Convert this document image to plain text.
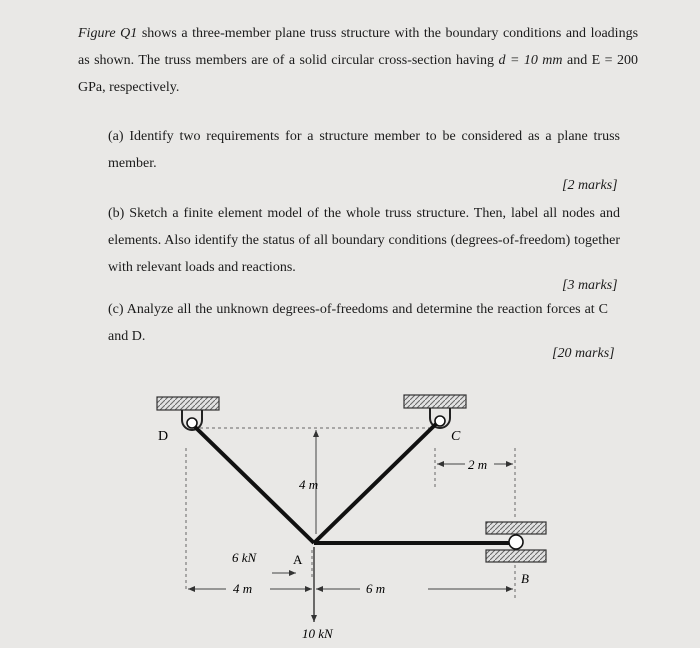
Figure Q1 shows a three-member plane truss structure with the boundary conditions and loadings as shown. The truss members are of a solid circular cross-section having d = 10 mm and E = 200 GPa, respectively.
(a) Identify two requirements for a structure member to be considered as a plane truss member.
[2 marks]
(b) Sketch a finite element model of the whole truss structure. Then, label all nodes and elements. Also identify the status of all boundary conditions (degrees-of-freedom) together with relevant loads and reactions.
[3 marks]
(c) Analyze all the unknown degrees-of-freedoms and determine the reaction forces at C and D.
[20 marks]
D	C
4 m
2 m
6 kN	A
B
4 m	6 m
10 kN
